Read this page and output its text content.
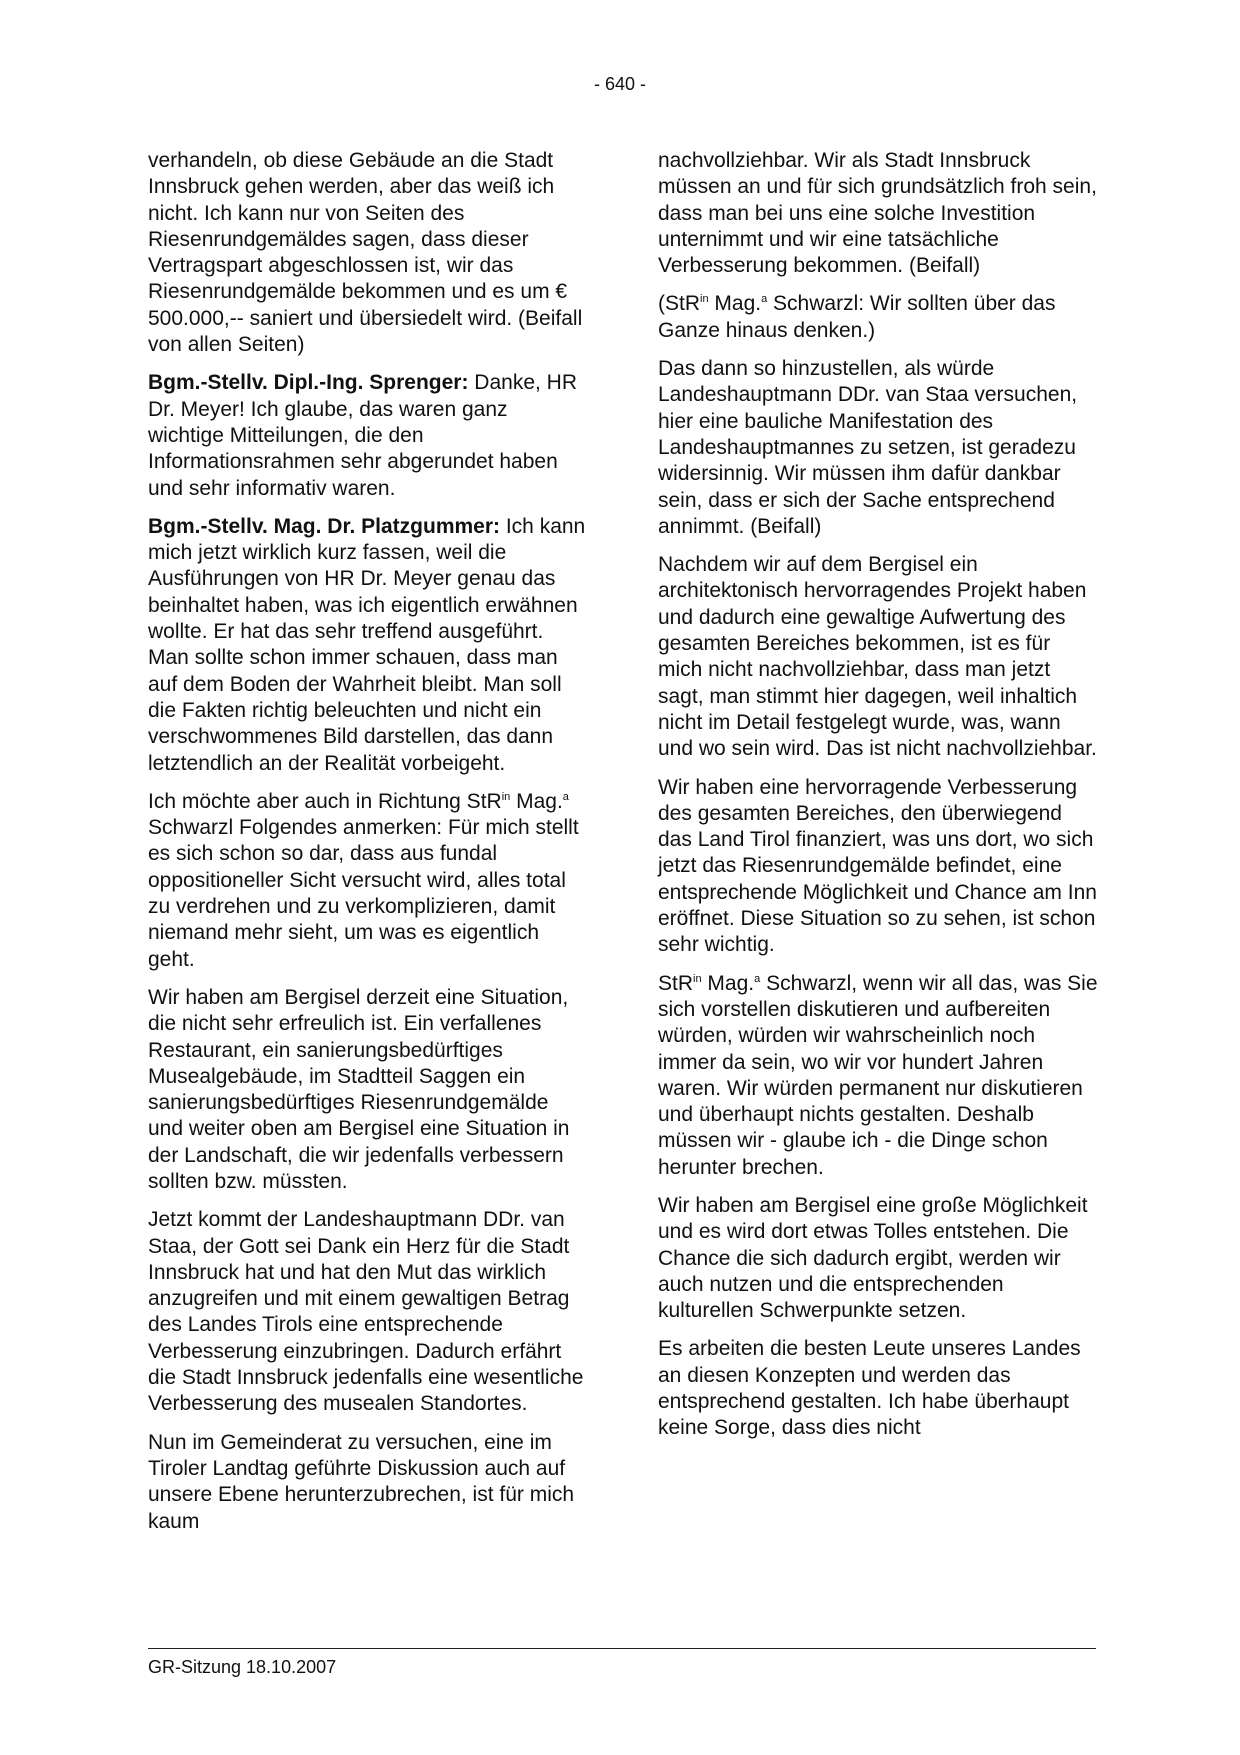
- 640 -

verhandeln, ob diese Gebäude an die Stadt Innsbruck gehen werden, aber das weiß ich nicht. Ich kann nur von Seiten des Riesenrundgemäldes sagen, dass dieser Vertragspart abgeschlossen ist, wir das Riesenrundgemälde bekommen und es um € 500.000,-- saniert und übersiedelt wird. (Beifall von allen Seiten)

Bgm.-Stellv. Dipl.-Ing. Sprenger: Danke, HR Dr. Meyer! Ich glaube, das waren ganz wichtige Mitteilungen, die den Informationsrahmen sehr abgerundet haben und sehr informativ waren.

Bgm.-Stellv. Mag. Dr. Platzgummer: Ich kann mich jetzt wirklich kurz fassen, weil die Ausführungen von HR Dr. Meyer genau das beinhaltet haben, was ich eigentlich erwähnen wollte. Er hat das sehr treffend ausgeführt. Man sollte schon immer schauen, dass man auf dem Boden der Wahrheit bleibt. Man soll die Fakten richtig beleuchten und nicht ein verschwommenes Bild darstellen, das dann letztendlich an der Realität vorbeigeht.

Ich möchte aber auch in Richtung StR$^{in}$ Mag.$^a$ Schwarzl Folgendes anmerken: Für mich stellt es sich schon so dar, dass aus fundal oppositioneller Sicht versucht wird, alles total zu verdrehen und zu verkomplizieren, damit niemand mehr sieht, um was es eigentlich geht.

Wir haben am Bergisel derzeit eine Situation, die nicht sehr erfreulich ist. Ein verfallenes Restaurant, ein sanierungsbedürftiges Musealgebäude, im Stadtteil Saggen ein sanierungsbedürftiges Riesenrundgemälde und weiter oben am Bergisel eine Situation in der Landschaft, die wir jedenfalls verbessern sollten bzw. müssten.

Jetzt kommt der Landeshauptmann DDr. van Staa, der Gott sei Dank ein Herz für die Stadt Innsbruck hat und hat den Mut das wirklich anzugreifen und mit einem gewaltigen Betrag des Landes Tirols eine entsprechende Verbesserung einzubringen. Dadurch erfährt die Stadt Innsbruck jedenfalls eine wesentliche Verbesserung des musealen Standortes.

Nun im Gemeinderat zu versuchen, eine im Tiroler Landtag geführte Diskussion auch auf unsere Ebene herunterzubrechen, ist für mich kaum

nachvollziehbar. Wir als Stadt Innsbruck müssen an und für sich grundsätzlich froh sein, dass man bei uns eine solche Investition unternimmt und wir eine tatsächliche Verbesserung bekommen. (Beifall)

(StR$^{in}$ Mag.$^a$ Schwarzl: Wir sollten über das Ganze hinaus denken.)

Das dann so hinzustellen, als würde Landeshauptmann DDr. van Staa versuchen, hier eine bauliche Manifestation des Landeshauptmannes zu setzen, ist geradezu widersinnig. Wir müssen ihm dafür dankbar sein, dass er sich der Sache entsprechend annimmt. (Beifall)

Nachdem wir auf dem Bergisel ein architektonisch hervorragendes Projekt haben und dadurch eine gewaltige Aufwertung des gesamten Bereiches bekommen, ist es für mich nicht nachvollziehbar, dass man jetzt sagt, man stimmt hier dagegen, weil inhaltich nicht im Detail festgelegt wurde, was, wann und wo sein wird. Das ist nicht nachvollziehbar.

Wir haben eine hervorragende Verbesserung des gesamten Bereiches, den überwiegend das Land Tirol finanziert, was uns dort, wo sich jetzt das Riesenrundgemälde befindet, eine entsprechende Möglichkeit und Chance am Inn eröffnet. Diese Situation so zu sehen, ist schon sehr wichtig.

StR$^{in}$ Mag.$^a$ Schwarzl, wenn wir all das, was Sie sich vorstellen diskutieren und aufbereiten würden, würden wir wahrscheinlich noch immer da sein, wo wir vor hundert Jahren waren. Wir würden permanent nur diskutieren und überhaupt nichts gestalten. Deshalb müssen wir - glaube ich - die Dinge schon herunter brechen.

Wir haben am Bergisel eine große Möglichkeit und es wird dort etwas Tolles entstehen. Die Chance die sich dadurch ergibt, werden wir auch nutzen und die entsprechenden kulturellen Schwerpunkte setzen.

Es arbeiten die besten Leute unseres Landes an diesen Konzepten und werden das entsprechend gestalten. Ich habe überhaupt keine Sorge, dass dies nicht

GR-Sitzung 18.10.2007
